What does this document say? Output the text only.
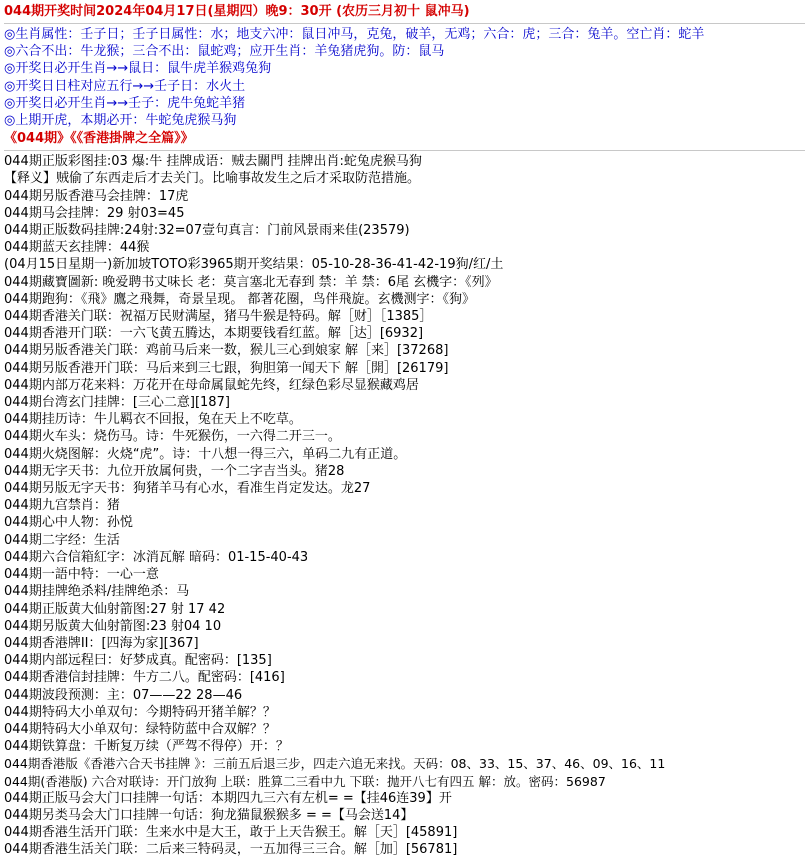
044期开奖时间2024年04月17日(星期四）晚9：30开 (农历三月初十 鼠冲马)
◎生肖属性：壬子日；壬子日属性：水；地支六冲：鼠日冲马，克兔，破羊，无鸡；六合：虎；三合：兔羊。空亡肖：蛇羊
◎六合不出：牛龙猴；三合不出：鼠蛇鸡；应开生肖：羊兔猪虎狗。防：鼠马
◎开奖日必开生肖→→鼠日：鼠牛虎羊猴鸡兔狗
◎开奖日日柱对应五行→→壬子日：水火土
◎开奖日必开生肖→→壬子：虎牛兔蛇羊猪
◎上期开虎，本期必开：牛蛇兔虎猴马狗
《044期》《《香港掛牌之全篇》》
044期正版彩图挂:03 爆:牛 挂牌成语：贼去關門 挂牌出肖:蛇兔虎猴马狗
【释义】贼偷了东西走后才去关门。比喻事故发生之后才采取防范措施。
044期另版香港马会挂牌：17虎
044期马会挂牌：29 射03=45
044期正版数码挂牌:24射:32=07壹句真言：门前风景雨来佳(23579)
044期蓝天玄挂牌：44猴
(04月15日星期一)新加坡TOTO彩3965期开奖结果：05-10-28-36-41-42-19狗/红/土
044期藏寶圖新: 晚爱聘书丈味长 老：莫言塞北无春到 禁：羊 禁：6尾 玄機字：《列》
044期跑狗：《飛》鷹之飛舞，奇景呈现。 都著花圈，鸟伴飛旋。玄機测字：《狗》
044期香港关门联：祝福万民财满屋，猪马牛猴是特码。解［财］［1385］
044期香港开门联：一六飞黄五腾达，本期要钱看红蓝。解［达］[6932]
044期另版香港关门联：鸡前马后来一数，猴儿三心到娘家 解［来］[37268]
044期另版香港开门联：马后来到三七跟，狗胆第一闻天下 解［開］[26179]
044期内部万花来料：万花开在母命属鼠蛇先终，红绿色彩尽显猴藏鸡居
044期台湾玄门挂牌：[三心二意][187]
044期挂历诗：牛儿羁衣不回报，兔在天上不吃草。
044期火车头：烧伤马。诗：牛死猴伤，一六得二开三一。
044期火烧图解：火烧“虎”。诗：十八想一得三六，单码二九有正道。
044期无字天书：九位开放属何贵，一个二字吉当头。猪28
044期另版无字天书：狗猪羊马有心水，看准生肖定发达。龙27
044期九宫禁肖：猪
044期心中人物：孙悦
044期二字经：生活
044期六合信箱紅字：冰消瓦解 暗码：01-15-40-43
044期一語中特：一心一意
044期挂牌绝杀料/挂牌绝杀：马
044期正版黄大仙射箭图:27 射 17 42
044期另版黄大仙射箭图:23 射04 10
044期香港牌II：[四海为家][367]
044期内部远程曰：好梦成真。配密码：[135]
044期香港信封挂牌：牛方二八。配密码：[416]
044期波段预测：主：07——22 28—46
044期特码大小单双句：今期特码开猪羊解？？
044期特码大小单双句：绿特防蓝中合双解？？
044期铁算盘：千断复万续（严驾不得停）开：？
044期香港版《香港六合天书挂牌 》：三前五后退三步，四走六追无来找。天码：08、33、15、37、46、09、16、11
044期(香港版) 六合对联诗：开门放狗 上联：胜算二三看中九 下联：抛开八七有四五 解：放。密码：56987
044期正版马会大门口挂牌一句话：本期四九三六有左机= =【挂46连39】开
044期另类马会大门口挂牌一句话：狗龙猫鼠猴猴多 = =【马会送14】
044期香港生活开门联：生来水中是大王，敢于上天告猴王。解［天］[45891]
044期香港生活关门联：二后来三特码灵，一五加得三三合。解［加］[56781]
